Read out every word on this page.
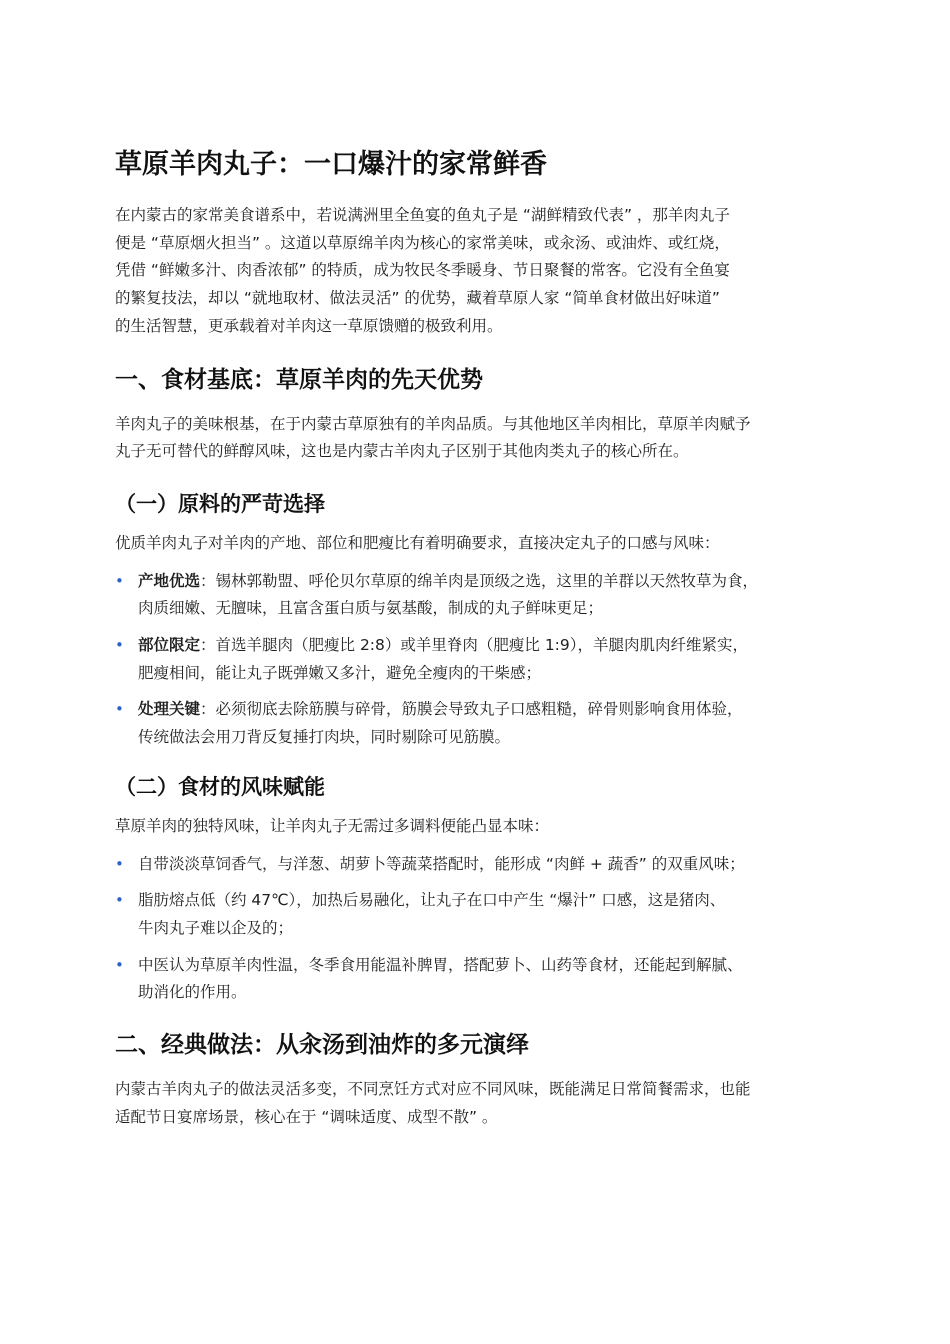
草原羊肉丸子：一口爆汁的家常鲜香

在内蒙古的家常美食谱系中，若说满洲里全鱼宴的鱼丸子是 “湖鲜精致代表” ，那羊肉丸子
便是 “草原烟火担当” 。这道以草原绵羊肉为核心的家常美味，或汆汤、或油炸、或红烧，
凭借 “鲜嫩多汁、肉香浓郁” 的特质，成为牧民冬季暖身、节日聚餐的常客。它没有全鱼宴
的繁复技法，却以 “就地取材、做法灵活” 的优势，藏着草原人家 “简单食材做出好味道”
的生活智慧，更承载着对羊肉这一草原馈赠的极致利用。

一、食材基底：草原羊肉的先天优势

羊肉丸子的美味根基，在于内蒙古草原独有的羊肉品质。与其他地区羊肉相比，草原羊肉赋予
丸子无可替代的鲜醇风味，这也是内蒙古羊肉丸子区别于其他肉类丸子的核心所在。

（一）原料的严苛选择

优质羊肉丸子对羊肉的产地、部位和肥瘦比有着明确要求，直接决定丸子的口感与风味：

• 产地优选：锡林郭勒盟、呼伦贝尔草原的绵羊肉是顶级之选，这里的羊群以天然牧草为食，
肉质细嫩、无膻味，且富含蛋白质与氨基酸，制成的丸子鲜味更足；
• 部位限定：首选羊腿肉（肥瘦比 2:8）或羊里脊肉（肥瘦比 1:9），羊腿肉肌肉纤维紧实，
肥瘦相间，能让丸子既弹嫩又多汁，避免全瘦肉的干柴感；
• 处理关键：必须彻底去除筋膜与碎骨，筋膜会导致丸子口感粗糙，碎骨则影响食用体验，
传统做法会用刀背反复捶打肉块，同时剔除可见筋膜。
（二）食材的风味赋能

草原羊肉的独特风味，让羊肉丸子无需过多调料便能凸显本味：

• 自带淡淡草饲香气，与洋葱、胡萝卜等蔬菜搭配时，能形成 “肉鲜 + 蔬香” 的双重风味；
• 脂肪熔点低（约 47℃），加热后易融化，让丸子在口中产生 “爆汁” 口感，这是猪肉、
牛肉丸子难以企及的；
• 中医认为草原羊肉性温，冬季食用能温补脾胃，搭配萝卜、山药等食材，还能起到解腻、
助消化的作用。
二、经典做法：从汆汤到油炸的多元演绎

内蒙古羊肉丸子的做法灵活多变，不同烹饪方式对应不同风味，既能满足日常简餐需求，也能
适配节日宴席场景，核心在于 “调味适度、成型不散” 。
